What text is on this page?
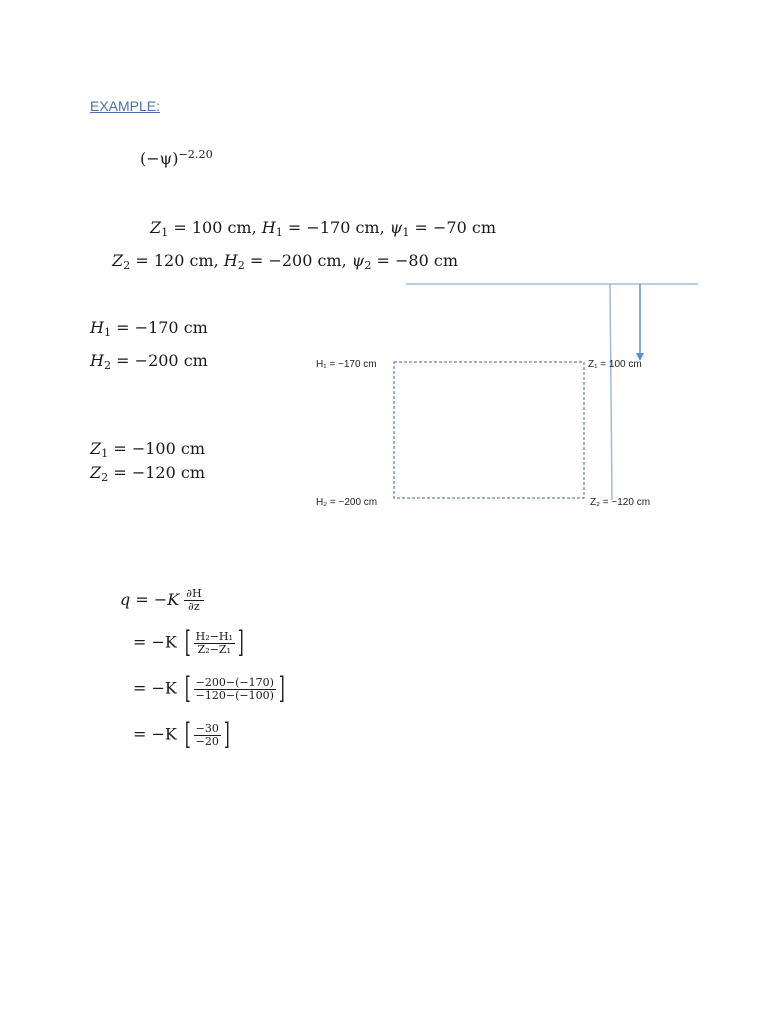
EXAMPLE:
$(-\psi)^{-2.20}$
$Z_1 = 100$ cm, $H_1 = -170$ cm, $\psi_1 = -70$ cm
$Z_2 = 120$ cm, $H_2 = -200$ cm, $\psi_2 = -80$ cm
$H_1 = -170$ cm
$H_2 = -200$ cm
$Z_1 = -100$ cm
$Z_2 = -120$ cm
H₁ = −170 cm	Z₁ = 100 cm
H₂ = −200 cm	Z₂ = −120 cm
$q = -K \frac{\partial H}{\partial z}$
= −K [ $\frac{\text{H₂−H₁}}{\text{Z₂−Z₁}}$ ]
= −K [ $\frac{-200-(-170)}{-120-(-100)}$ ]
= −K [ $\frac{-30}{-20}$ ]
